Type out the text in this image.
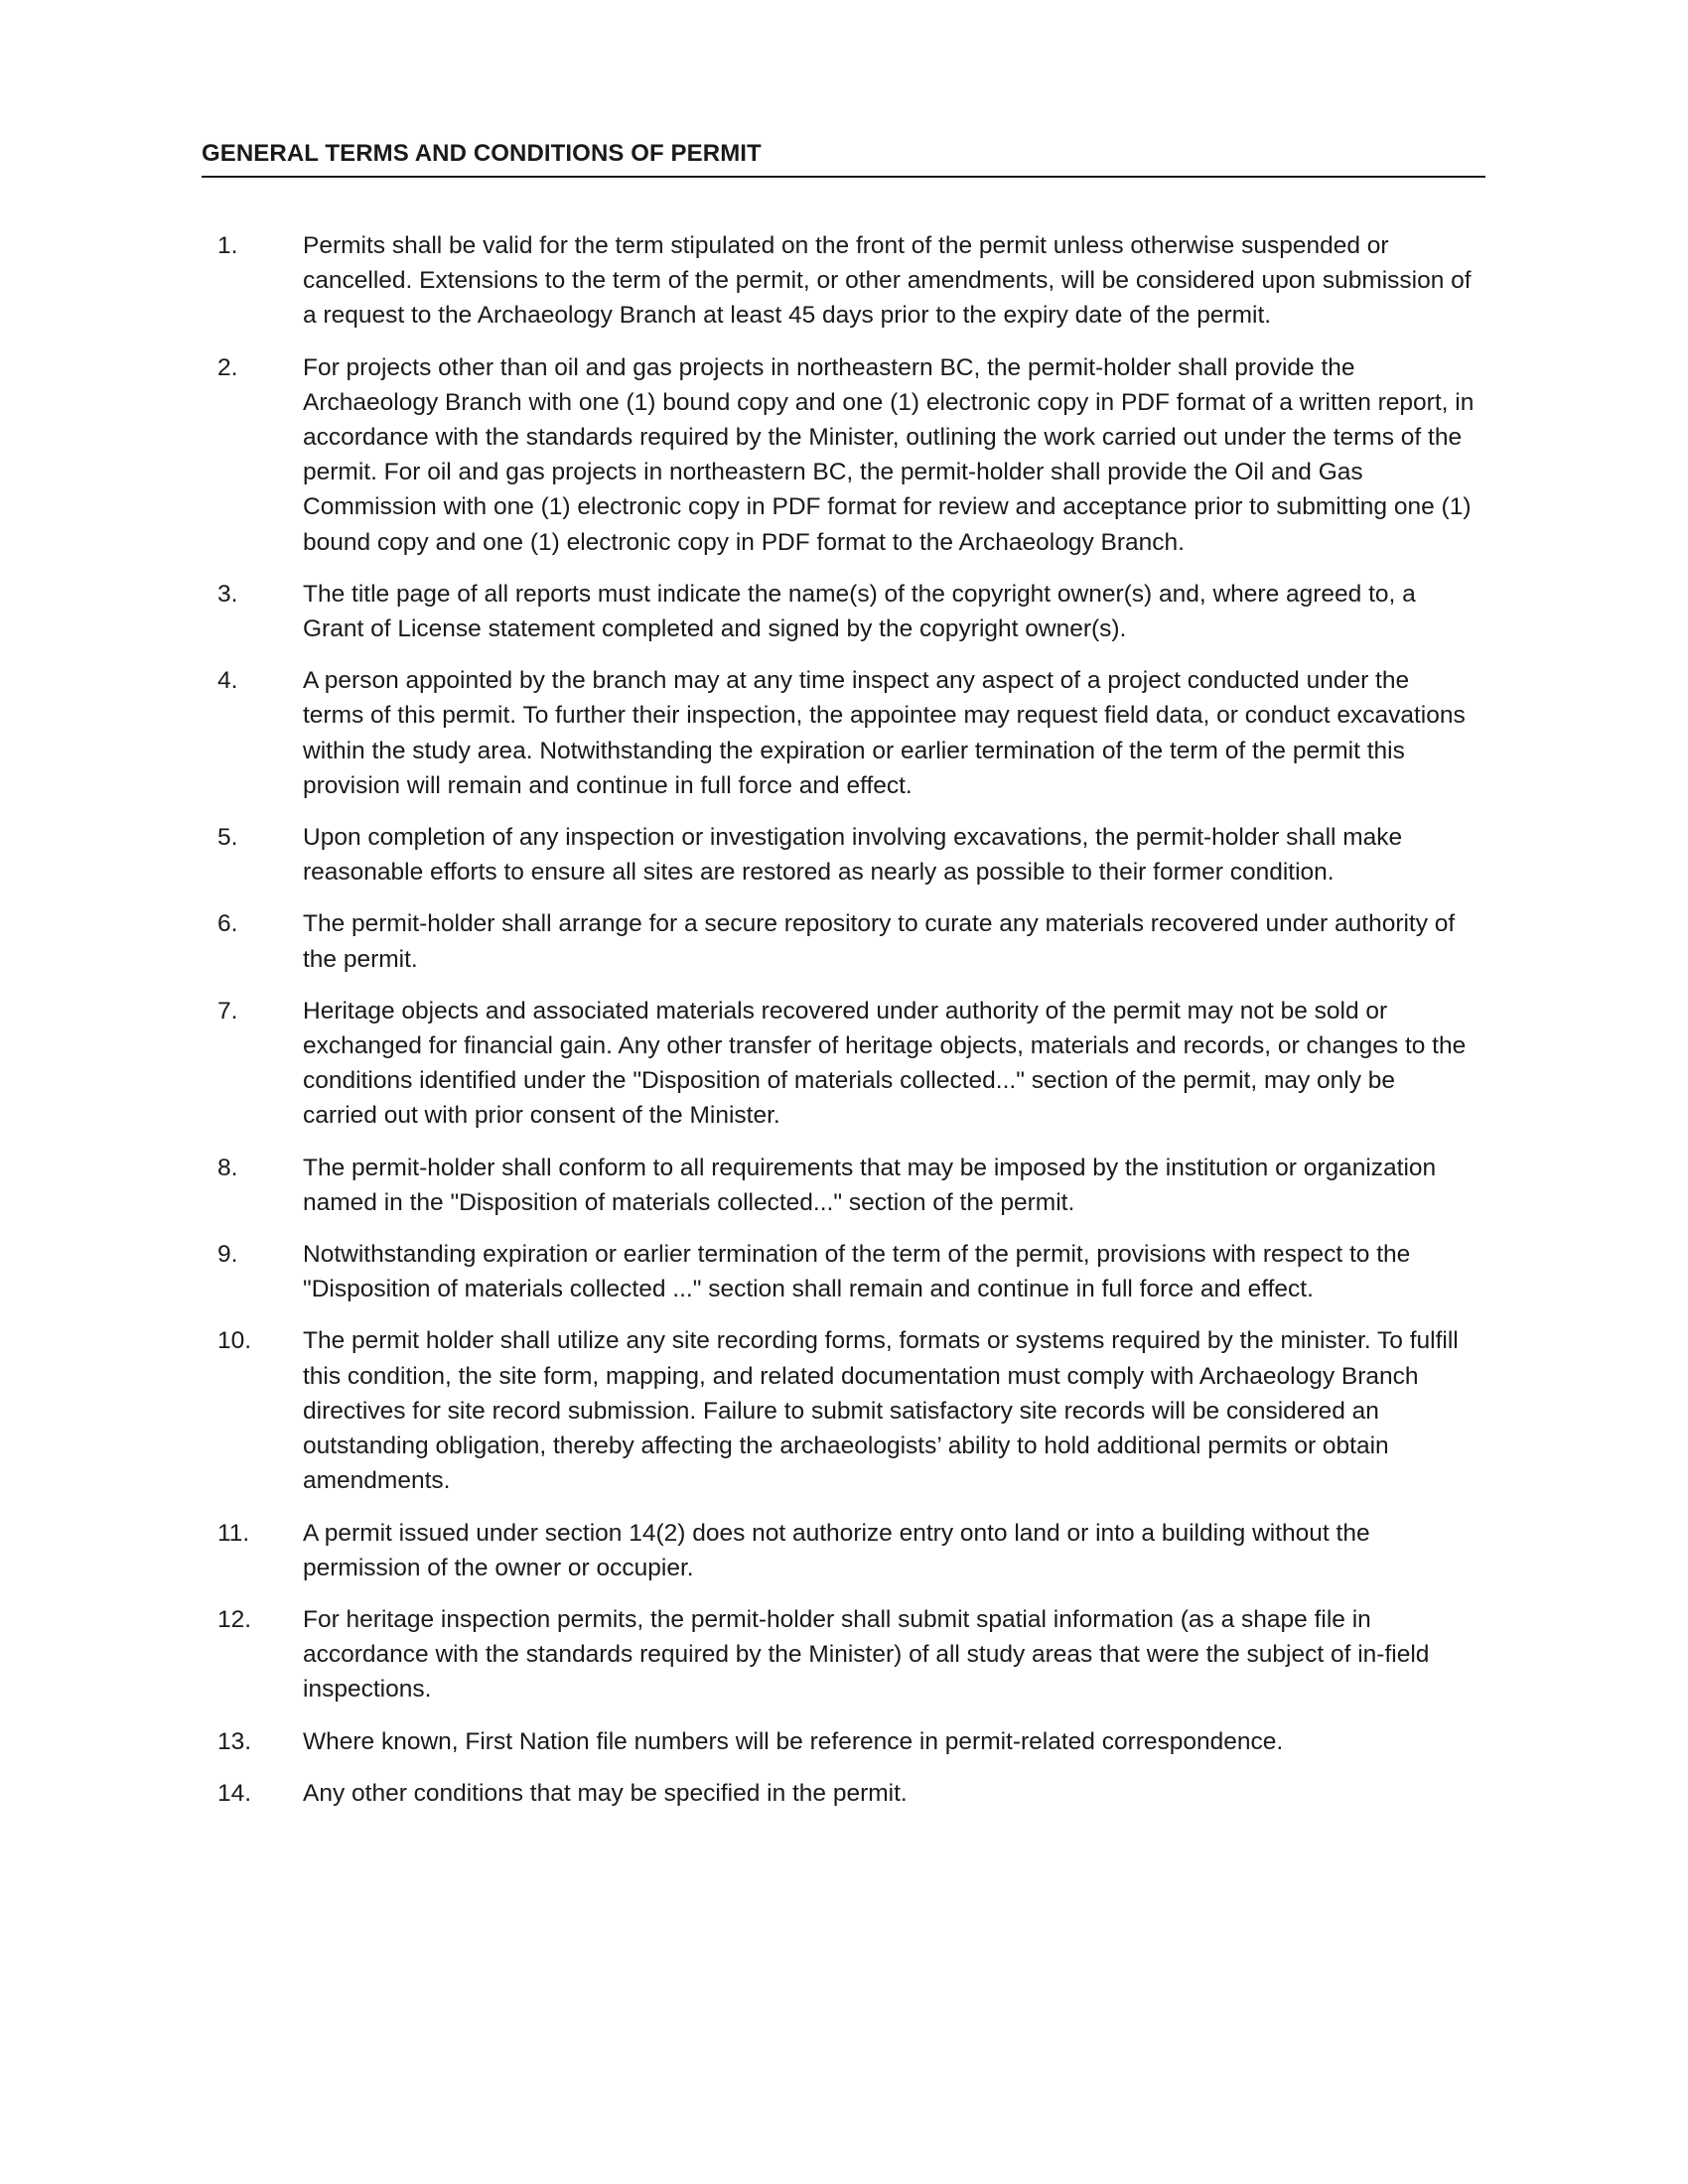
GENERAL TERMS AND CONDITIONS OF PERMIT
1.	Permits shall be valid for the term stipulated on the front of the permit unless otherwise suspended or cancelled. Extensions to the term of the permit, or other amendments, will be considered upon submission of a request to the Archaeology Branch at least 45 days prior to the expiry date of the permit.
2.	For projects other than oil and gas projects in northeastern BC, the permit-holder shall provide the Archaeology Branch with one (1) bound copy and one (1) electronic copy in PDF format of a written report, in accordance with the standards required by the Minister, outlining the work carried out under the terms of the permit. For oil and gas projects in northeastern BC, the permit-holder shall provide the Oil and Gas Commission with one (1) electronic copy in PDF format for review and acceptance prior to submitting one (1) bound copy and one (1) electronic copy in PDF format to the Archaeology Branch.
3.	The title page of all reports must indicate the name(s) of the copyright owner(s) and, where agreed to, a Grant of License statement completed and signed by the copyright owner(s).
4.	A person appointed by the branch may at any time inspect any aspect of a project conducted under the terms of this permit. To further their inspection, the appointee may request field data, or conduct excavations within the study area. Notwithstanding the expiration or earlier termination of the term of the permit this provision will remain and continue in full force and effect.
5.	Upon completion of any inspection or investigation involving excavations, the permit-holder shall make reasonable efforts to ensure all sites are restored as nearly as possible to their former condition.
6.	The permit-holder shall arrange for a secure repository to curate any materials recovered under authority of the permit.
7.	Heritage objects and associated materials recovered under authority of the permit may not be sold or exchanged for financial gain. Any other transfer of heritage objects, materials and records, or changes to the conditions identified under the "Disposition of materials collected..." section of the permit, may only be carried out with prior consent of the Minister.
8.	The permit-holder shall conform to all requirements that may be imposed by the institution or organization named in the "Disposition of materials collected..." section of the permit.
9.	Notwithstanding expiration or earlier termination of the term of the permit, provisions with respect to the "Disposition of materials collected ..." section shall remain and continue in full force and effect.
10.	The permit holder shall utilize any site recording forms, formats or systems required by the minister. To fulfill this condition, the site form, mapping, and related documentation must comply with Archaeology Branch directives for site record submission. Failure to submit satisfactory site records will be considered an outstanding obligation, thereby affecting the archaeologists’ ability to hold additional permits or obtain amendments.
11.	A permit issued under section 14(2) does not authorize entry onto land or into a building without the permission of the owner or occupier.
12.	For heritage inspection permits, the permit-holder shall submit spatial information (as a shape file in accordance with the standards required by the Minister) of all study areas that were the subject of in-field inspections.
13.	Where known, First Nation file numbers will be reference in permit-related correspondence.
14.	Any other conditions that may be specified in the permit.
